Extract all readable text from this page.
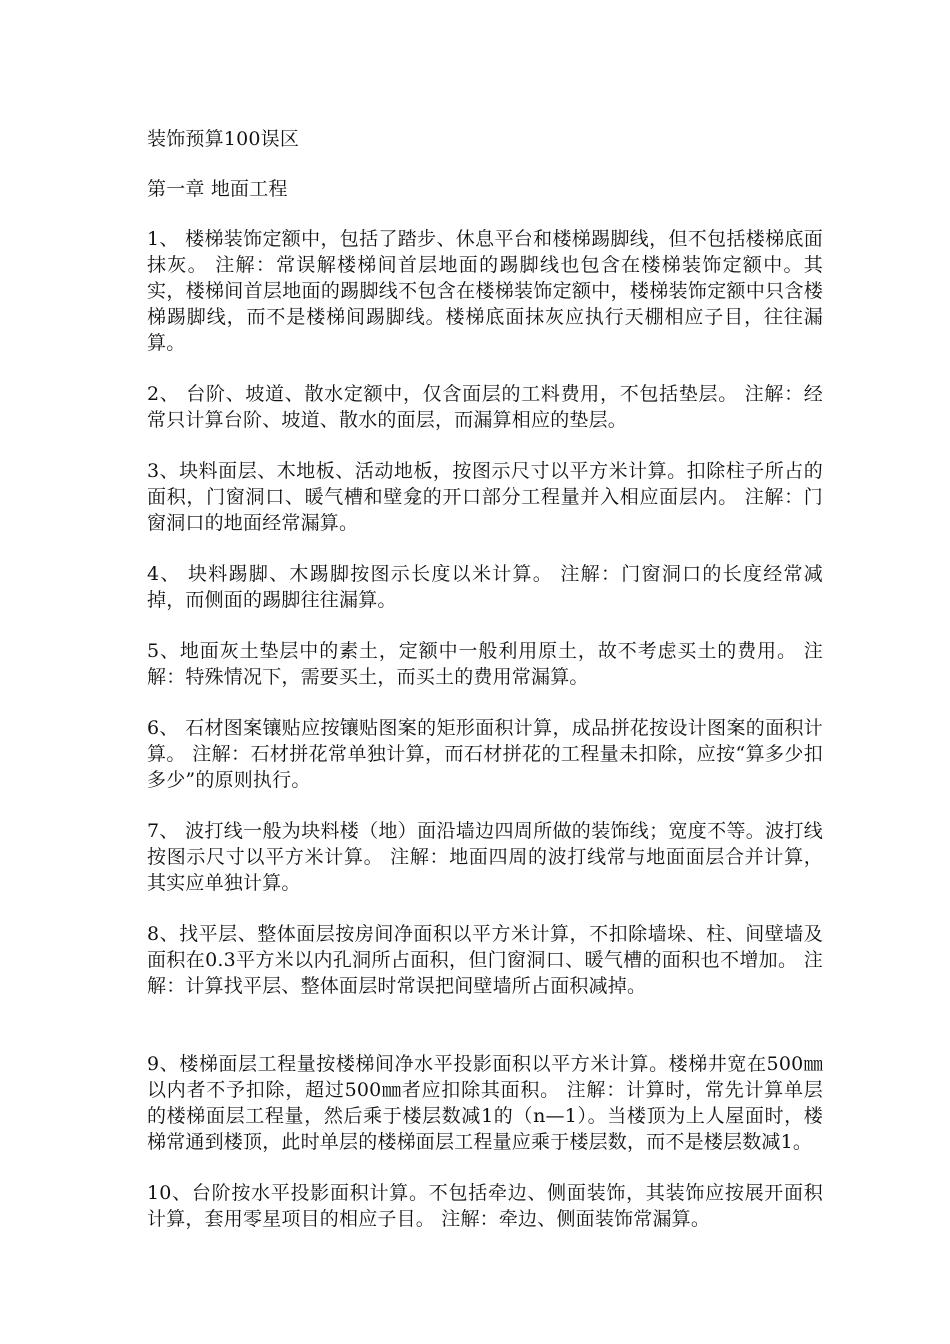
装饰预算100误区

第一章 地面工程

1、 楼梯装饰定额中，包括了踏步、休息平台和楼梯踢脚线，但不包括楼梯底面抹灰。 注解：常误解楼梯间首层地面的踢脚线也包含在楼梯装饰定额中。其实，楼梯间首层地面的踢脚线不包含在楼梯装饰定额中，楼梯装饰定额中只含楼梯踢脚线，而不是楼梯间踢脚线。楼梯底面抹灰应执行天棚相应子目，往往漏算。

2、 台阶、坡道、散水定额中，仅含面层的工料费用，不包括垫层。 注解：经常只计算台阶、坡道、散水的面层，而漏算相应的垫层。

3、块料面层、木地板、活动地板，按图示尺寸以平方米计算。扣除柱子所占的面积，门窗洞口、暖气槽和壁龛的开口部分工程量并入相应面层内。 注解：门窗洞口的地面经常漏算。

4、 块料踢脚、木踢脚按图示长度以米计算。 注解：门窗洞口的长度经常减掉，而侧面的踢脚往往漏算。

5、地面灰土垫层中的素土，定额中一般利用原土，故不考虑买土的费用。 注解：特殊情况下，需要买土，而买土的费用常漏算。

6、 石材图案镶贴应按镶贴图案的矩形面积计算，成品拼花按设计图案的面积计算。 注解：石材拼花常单独计算，而石材拼花的工程量未扣除，应按“算多少扣多少”的原则执行。

7、 波打线一般为块料楼（地）面沿墙边四周所做的装饰线；宽度不等。波打线按图示尺寸以平方米计算。 注解：地面四周的波打线常与地面面层合并计算，其实应单独计算。

8、找平层、整体面层按房间净面积以平方米计算，不扣除墙垛、柱、间壁墙及面积在0.3平方米以内孔洞所占面积，但门窗洞口、暖气槽的面积也不增加。 注解：计算找平层、整体面层时常误把间壁墙所占面积减掉。

9、楼梯面层工程量按楼梯间净水平投影面积以平方米计算。楼梯井宽在500㎜以内者不予扣除，超过500㎜者应扣除其面积。 注解：计算时，常先计算单层的楼梯面层工程量，然后乘于楼层数减1的（n—1）。当楼顶为上人屋面时，楼梯常通到楼顶，此时单层的楼梯面层工程量应乘于楼层数，而不是楼层数减1。

10、台阶按水平投影面积计算。不包括牵边、侧面装饰，其装饰应按展开面积计算，套用零星项目的相应子目。 注解：牵边、侧面装饰常漏算。
